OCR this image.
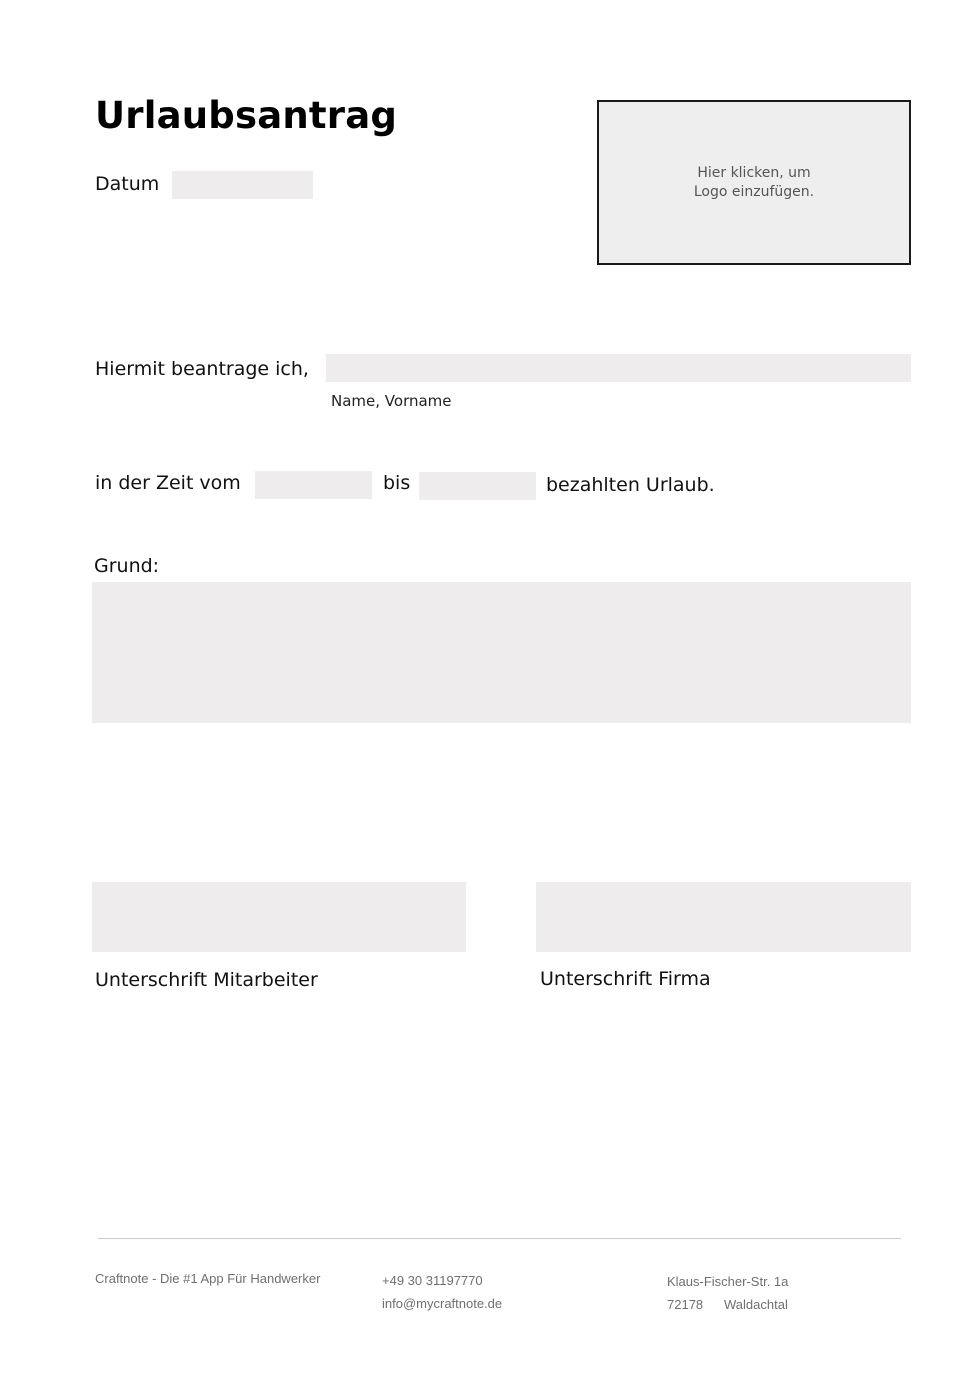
Urlaubsantrag
Datum
Hier klicken, um
Logo einzufügen.
Hiermit beantrage ich,
Name, Vorname
in der Zeit vom	bis	bezahlten Urlaub.
Grund:
Unterschrift Mitarbeiter	Unterschrift Firma
Craftnote - Die #1 App Für Handwerker	+49 30 31197770
info@mycraftnote.de
Klaus-Fischer-Str. 1a
72178 Waldachtal
